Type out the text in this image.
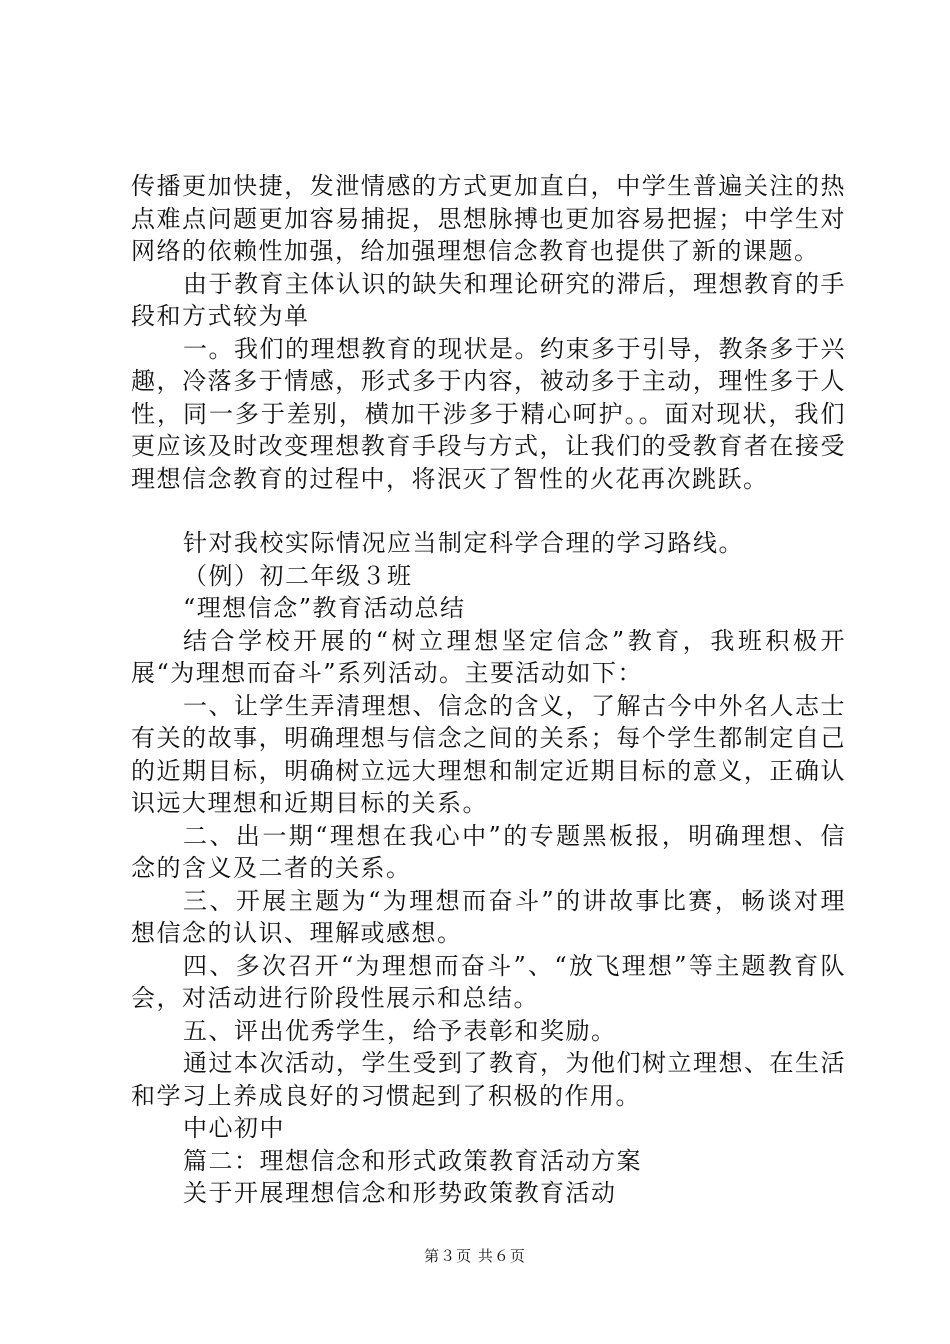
传播更加快捷，发泄情感的方式更加直白，中学生普遍关注的热点难点问题更加容易捕捉，思想脉搏也更加容易把握；中学生对网络的依赖性加强，给加强理想信念教育也提供了新的课题。

由于教育主体认识的缺失和理论研究的滞后，理想教育的手段和方式较为单

一。我们的理想教育的现状是。约束多于引导，教条多于兴趣，冷落多于情感，形式多于内容，被动多于主动，理性多于人性，同一多于差别，横加干涉多于精心呵护。。面对现状，我们更应该及时改变理想教育手段与方式，让我们的受教育者在接受理想信念教育的过程中，将泯灭了智性的火花再次跳跃。

针对我校实际情况应当制定科学合理的学习路线。

（例）初二年级３班

“理想信念”教育活动总结

结合学校开展的“树立理想坚定信念”教育，我班积极开展“为理想而奋斗”系列活动。主要活动如下：

一、让学生弄清理想、信念的含义，了解古今中外名人志士有关的故事，明确理想与信念之间的关系；每个学生都制定自己的近期目标，明确树立远大理想和制定近期目标的意义，正确认识远大理想和近期目标的关系。

二、出一期“理想在我心中”的专题黑板报，明确理想、信念的含义及二者的关系。

三、开展主题为“为理想而奋斗”的讲故事比赛，畅谈对理想信念的认识、理解或感想。

四、多次召开“为理想而奋斗”、“放飞理想”等主题教育队会，对活动进行阶段性展示和总结。

五、评出优秀学生，给予表彰和奖励。

通过本次活动，学生受到了教育，为他们树立理想、在生活和学习上养成良好的习惯起到了积极的作用。

中心初中

篇二：理想信念和形式政策教育活动方案

关于开展理想信念和形势政策教育活动

第３页 共６页
